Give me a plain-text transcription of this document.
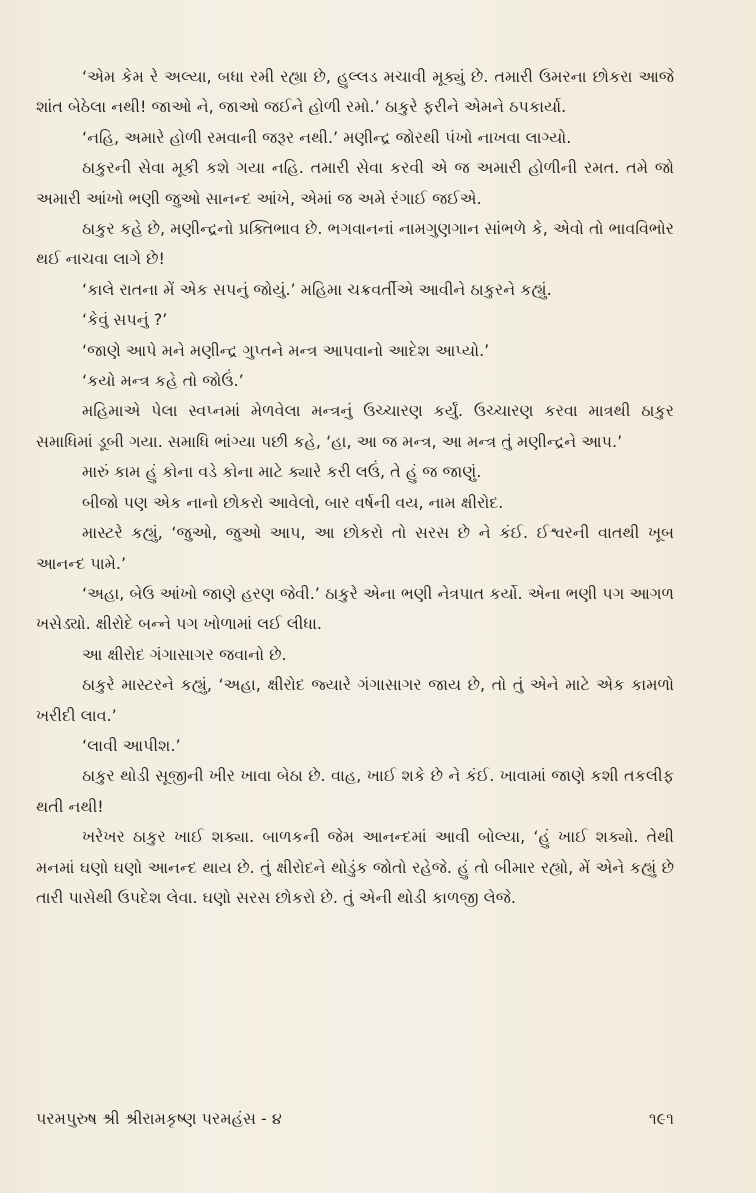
‘એમ કેમ રે અલ્યા, બધા રમી રહ્યા છે, હુલ્લડ મચાવી મૂક્યું છે. તમારી ઉમરના છોકરા આજે શાંત બેઠેલા નથી! જાઓ ને, જાઓ જઈને હોળી રમો.’ ઠાકુરે ફરીને એમને ઠપકાર્યા.

‘નહિ, અમારે હોળી રમવાની જરૂર નથી.’ મણીન્દ્ર જોરથી પંખો નાખવા લાગ્યો.

ઠાકુરની સેવા મૂકી કશે ગયા નહિ. તમારી સેવા કરવી એ જ અમારી હોળીની રમત. તમે જો અમારી આંખો ભણી જુઓ સાનન્દ આંખે, એમાં જ અમે રંગાઈ જઈએ.

ઠાકુર કહે છે, મણીન્દ્રનો પ્રક્તિભાવ છે. ભગવાનનાં નામગુણગાન સાંભળે કે, એવો તો ભાવવિભોર થઈ નાચવા લાગે છે!

‘કાલે રાતના મેં એક સપનું જોયું.’ મહિમા ચક્રવર્તીએ આવીને ઠાકુરને કહ્યું.

‘કેવું સપનું ?’

‘જાણે આપે મને મણીન્દ્ર ગુપ્તને મન્ત્ર આપવાનો આદેશ આપ્યો.’

‘કયો મન્ત્ર કહે તો જોઉં.’

મહિમાએ પેલા સ્વપ્નમાં મેળવેલા મન્ત્રનું ઉચ્ચારણ કર્યું. ઉચ્ચારણ કરવા માત્રથી ઠાકુર સમાધિમાં ડૂબી ગયા. સમાધિ ભાંગ્યા પછી કહે, ‘હા, આ જ મન્ત્ર, આ મન્ત્ર તું મણીન્દ્રને આપ.’

મારું કામ હું કોના વડે કોના માટે ક્યારે કરી લઉં, તે હું જ જાણું.

બીજો પણ એક નાનો છોકરો આવેલો, બાર વર્ષની વય, નામ ક્ષીરોદ.

માસ્ટરે કહ્યું, ‘જુઓ, જુઓ આપ, આ છોકરો તો સરસ છે ને કંઈ. ઈશ્વરની વાતથી ખૂબ આનન્દ પામે.’

‘અહા, બેઉ આંખો જાણે હરણ જેવી.’ ઠાકુરે એના ભણી નેત્રપાત કર્યો. એના ભણી પગ આગળ ખસેડ્યો. ક્ષીરોદે બન્ને પગ ખોળામાં લઈ લીધા.

આ ક્ષીરોદ ગંગાસાગર જવાનો છે.

ઠાકુરે માસ્ટરને કહ્યું, ‘અહા, ક્ષીરોદ જ્યારે ગંગાસાગર જાય છે, તો તું એને માટે એક કામળો ખરીદી લાવ.’

‘લાવી આપીશ.’

ઠાકુર થોડી સૂજીની ખીર ખાવા બેઠા છે. વાહ, ખાઈ શકે છે ને કંઈ. ખાવામાં જાણે કશી તકલીફ થતી નથી!

ખરેખર ઠાકુર ખાઈ શક્યા. બાળકની જેમ આનન્દમાં આવી બોલ્યા, ‘હું ખાઈ શક્યો. તેથી મનમાં ઘણો ઘણો આનન્દ થાય છે. તું ક્ષીરોદને થોડુંક જોતો રહેજે. હું તો બીમાર રહ્યો, મેં એને કહ્યું છે તારી પાસેથી ઉપદેશ લેવા. ઘણો સરસ છોકરો છે. તું એની થોડી કાળજી લેજે.

પરમપુરુષ શ્રી શ્રીરામકૃષ્ણ પરમહંસ - ૪	૧૯૧
